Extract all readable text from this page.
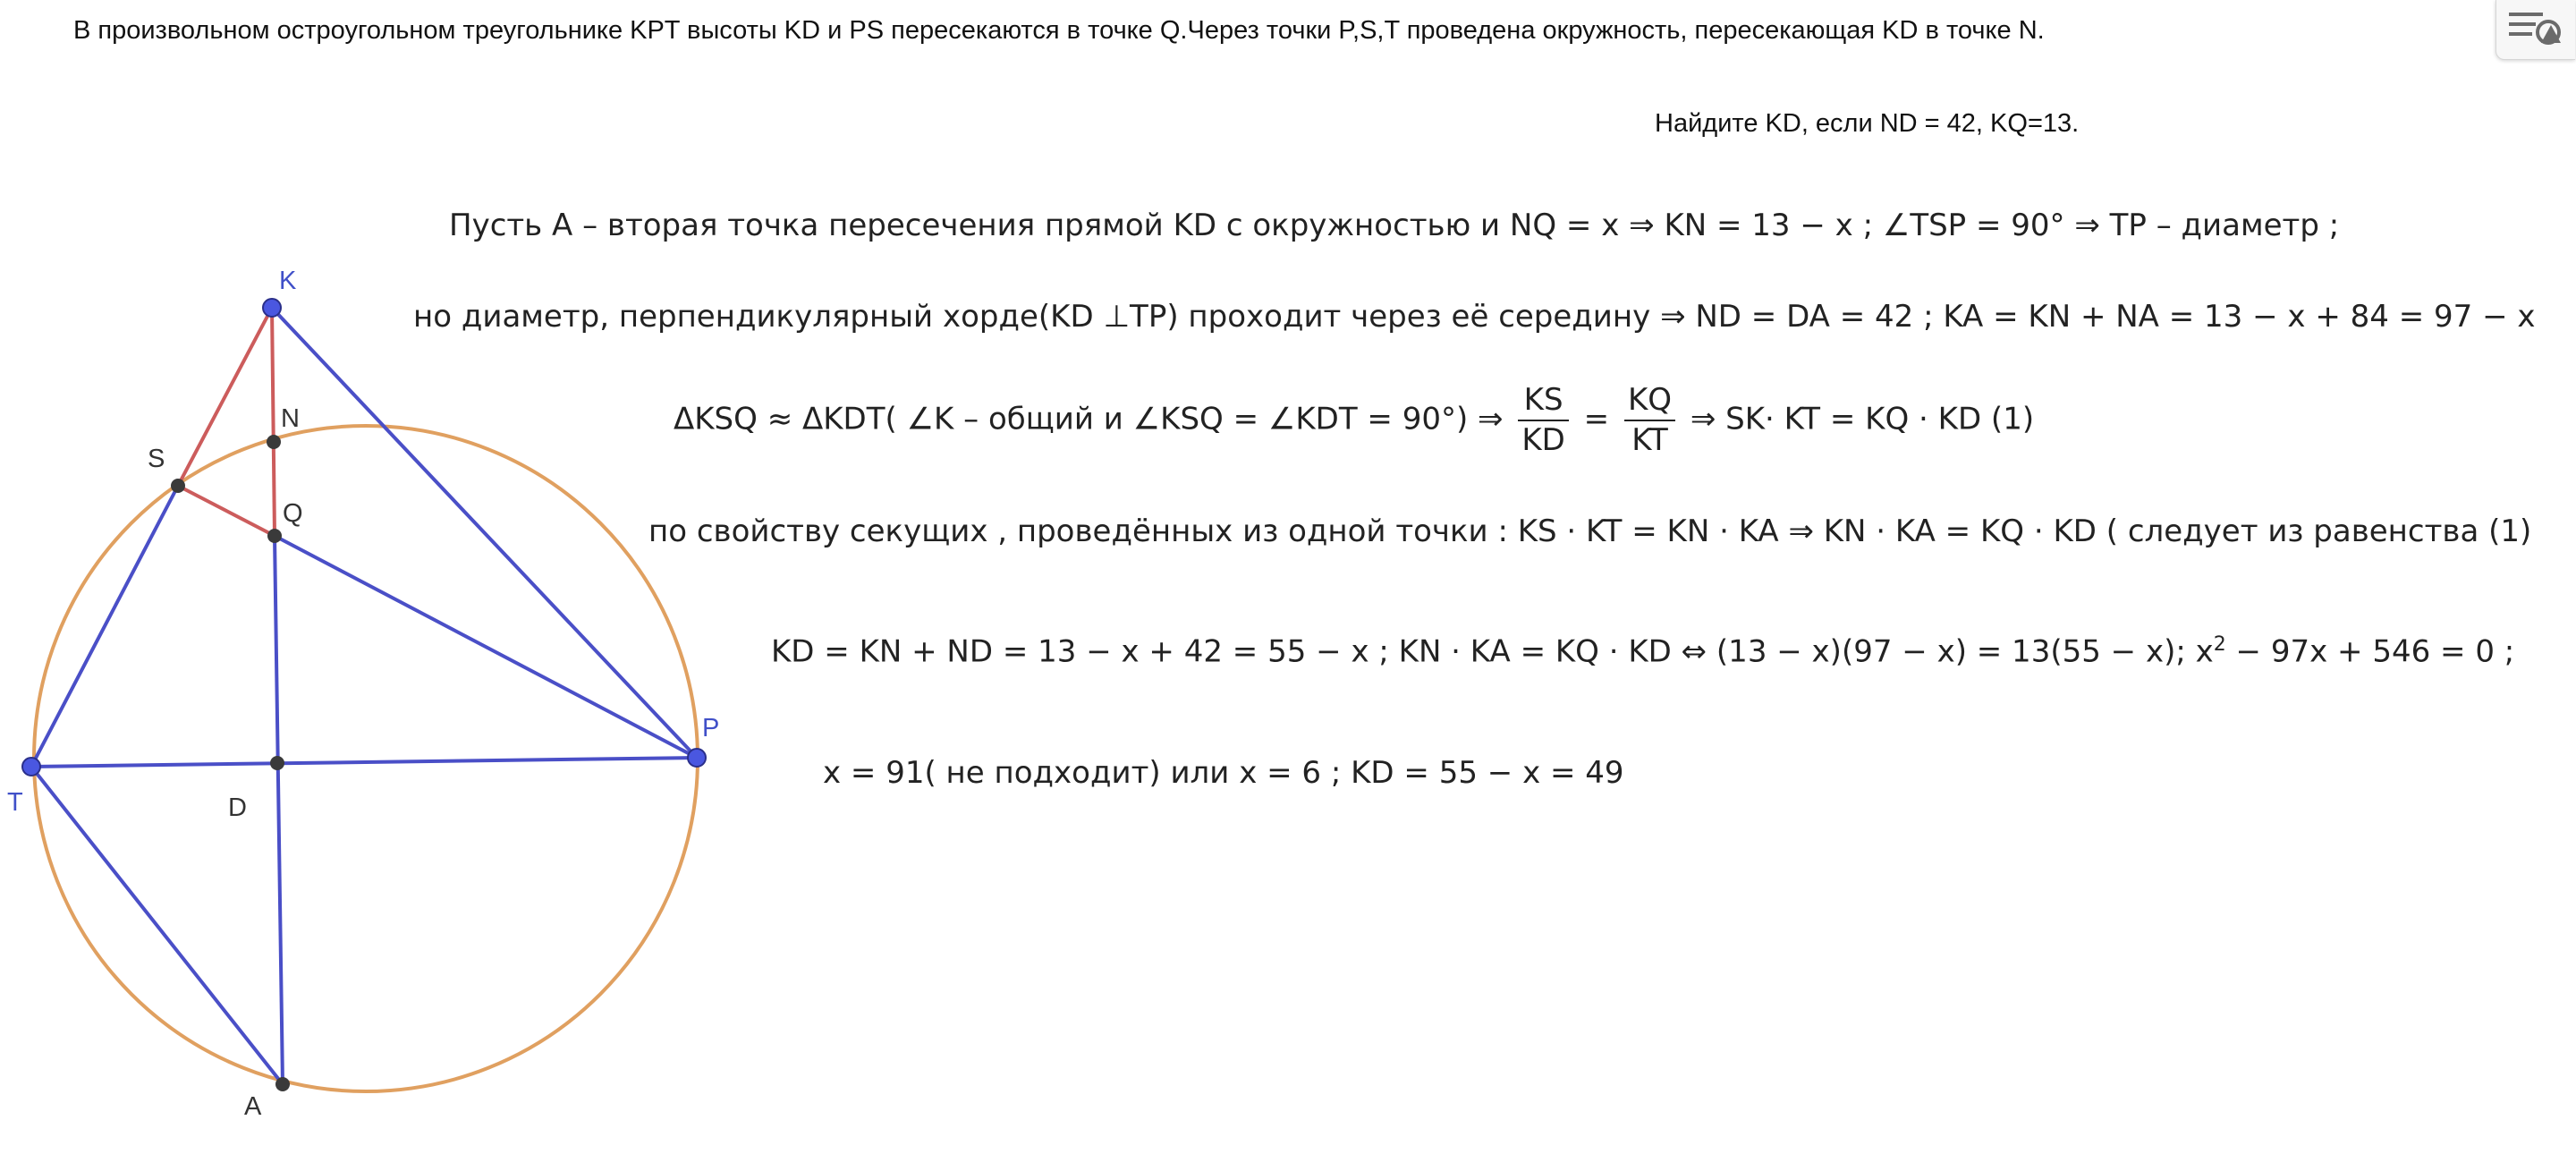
В произвольном остроугольном треугольнике KPT высоты KD и PS пересекаются в точке Q.Через точки P,S,T проведена окружность, пересекающая KD в точке N.
Найдите KD, если ND = 42, KQ=13.
Пусть A – вторая точка пересечения прямой KD с окружностью и NQ = x ⇒ KN = 13 − x ; ∠TSP = 90° ⇒ TP – диаметр ;
но диаметр, перпендикулярный хорде(KD ⊥TP) проходит через её середину ⇒ ND = DA = 42 ; KA = KN + NA = 13 − x + 84 = 97 − x
ΔKSQ ≈ ΔKDT( ∠K – общий и ∠KSQ = ∠KDT = 90°) ⇒ $\frac{KS}{KD} = \frac{KQ}{KT}$ ⇒ SK· KT = KQ · KD (1)
по свойству секущих , проведённых из одной точки : KS · KT = KN · KA ⇒ KN · KA = KQ · KD ( следует из равенства (1)
KD = KN + ND = 13 − x + 42 = 55 − x ; KN · KA = KQ · KD ⇔ (13 − x)(97 − x) = 13(55 − x); $x^2 - 97x + 546 = 0$ ;
x = 91( не подходит) или x = 6 ; KD = 55 − x = 49
K
P
T
S
N
Q
D
A
